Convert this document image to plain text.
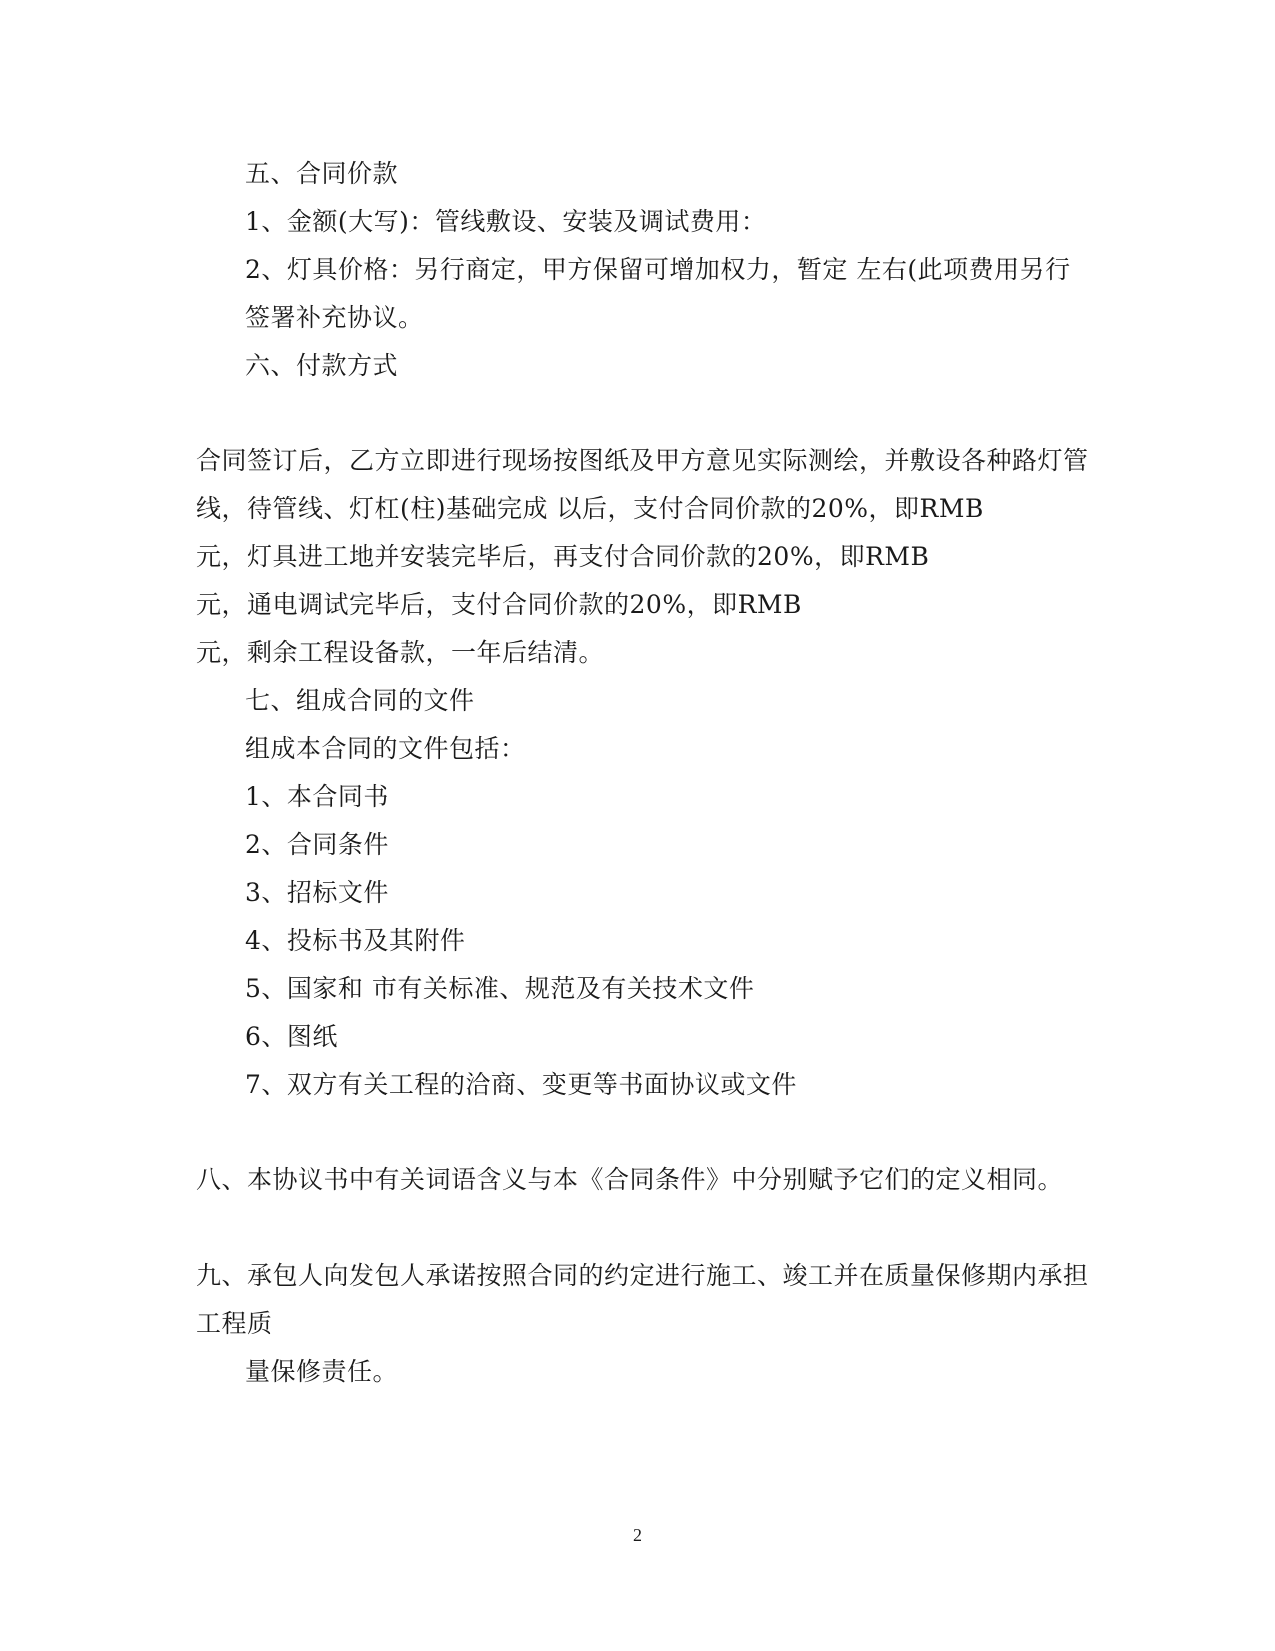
五、合同价款
1、金额(大写)：管线敷设、安装及调试费用：
2、灯具价格：另行商定，甲方保留可增加权力，暂定 左右(此项费用另行
签署补充协议。
六、付款方式
合同签订后，乙方立即进行现场按图纸及甲方意见实际测绘，并敷设各种路灯管
线，待管线、灯杠(柱)基础完成 以后，支付合同价款的20%，即RMB
元，灯具进工地并安装完毕后，再支付合同价款的20%，即RMB
元，通电调试完毕后，支付合同价款的20%，即RMB
元，剩余工程设备款，一年后结清。
七、组成合同的文件
组成本合同的文件包括：
1、本合同书
2、合同条件
3、招标文件
4、投标书及其附件
5、国家和 市有关标准、规范及有关技术文件
6、图纸
7、双方有关工程的洽商、变更等书面协议或文件
八、本协议书中有关词语含义与本《合同条件》中分别赋予它们的定义相同。
九、承包人向发包人承诺按照合同的约定进行施工、竣工并在质量保修期内承担
工程质
量保修责任。
2
